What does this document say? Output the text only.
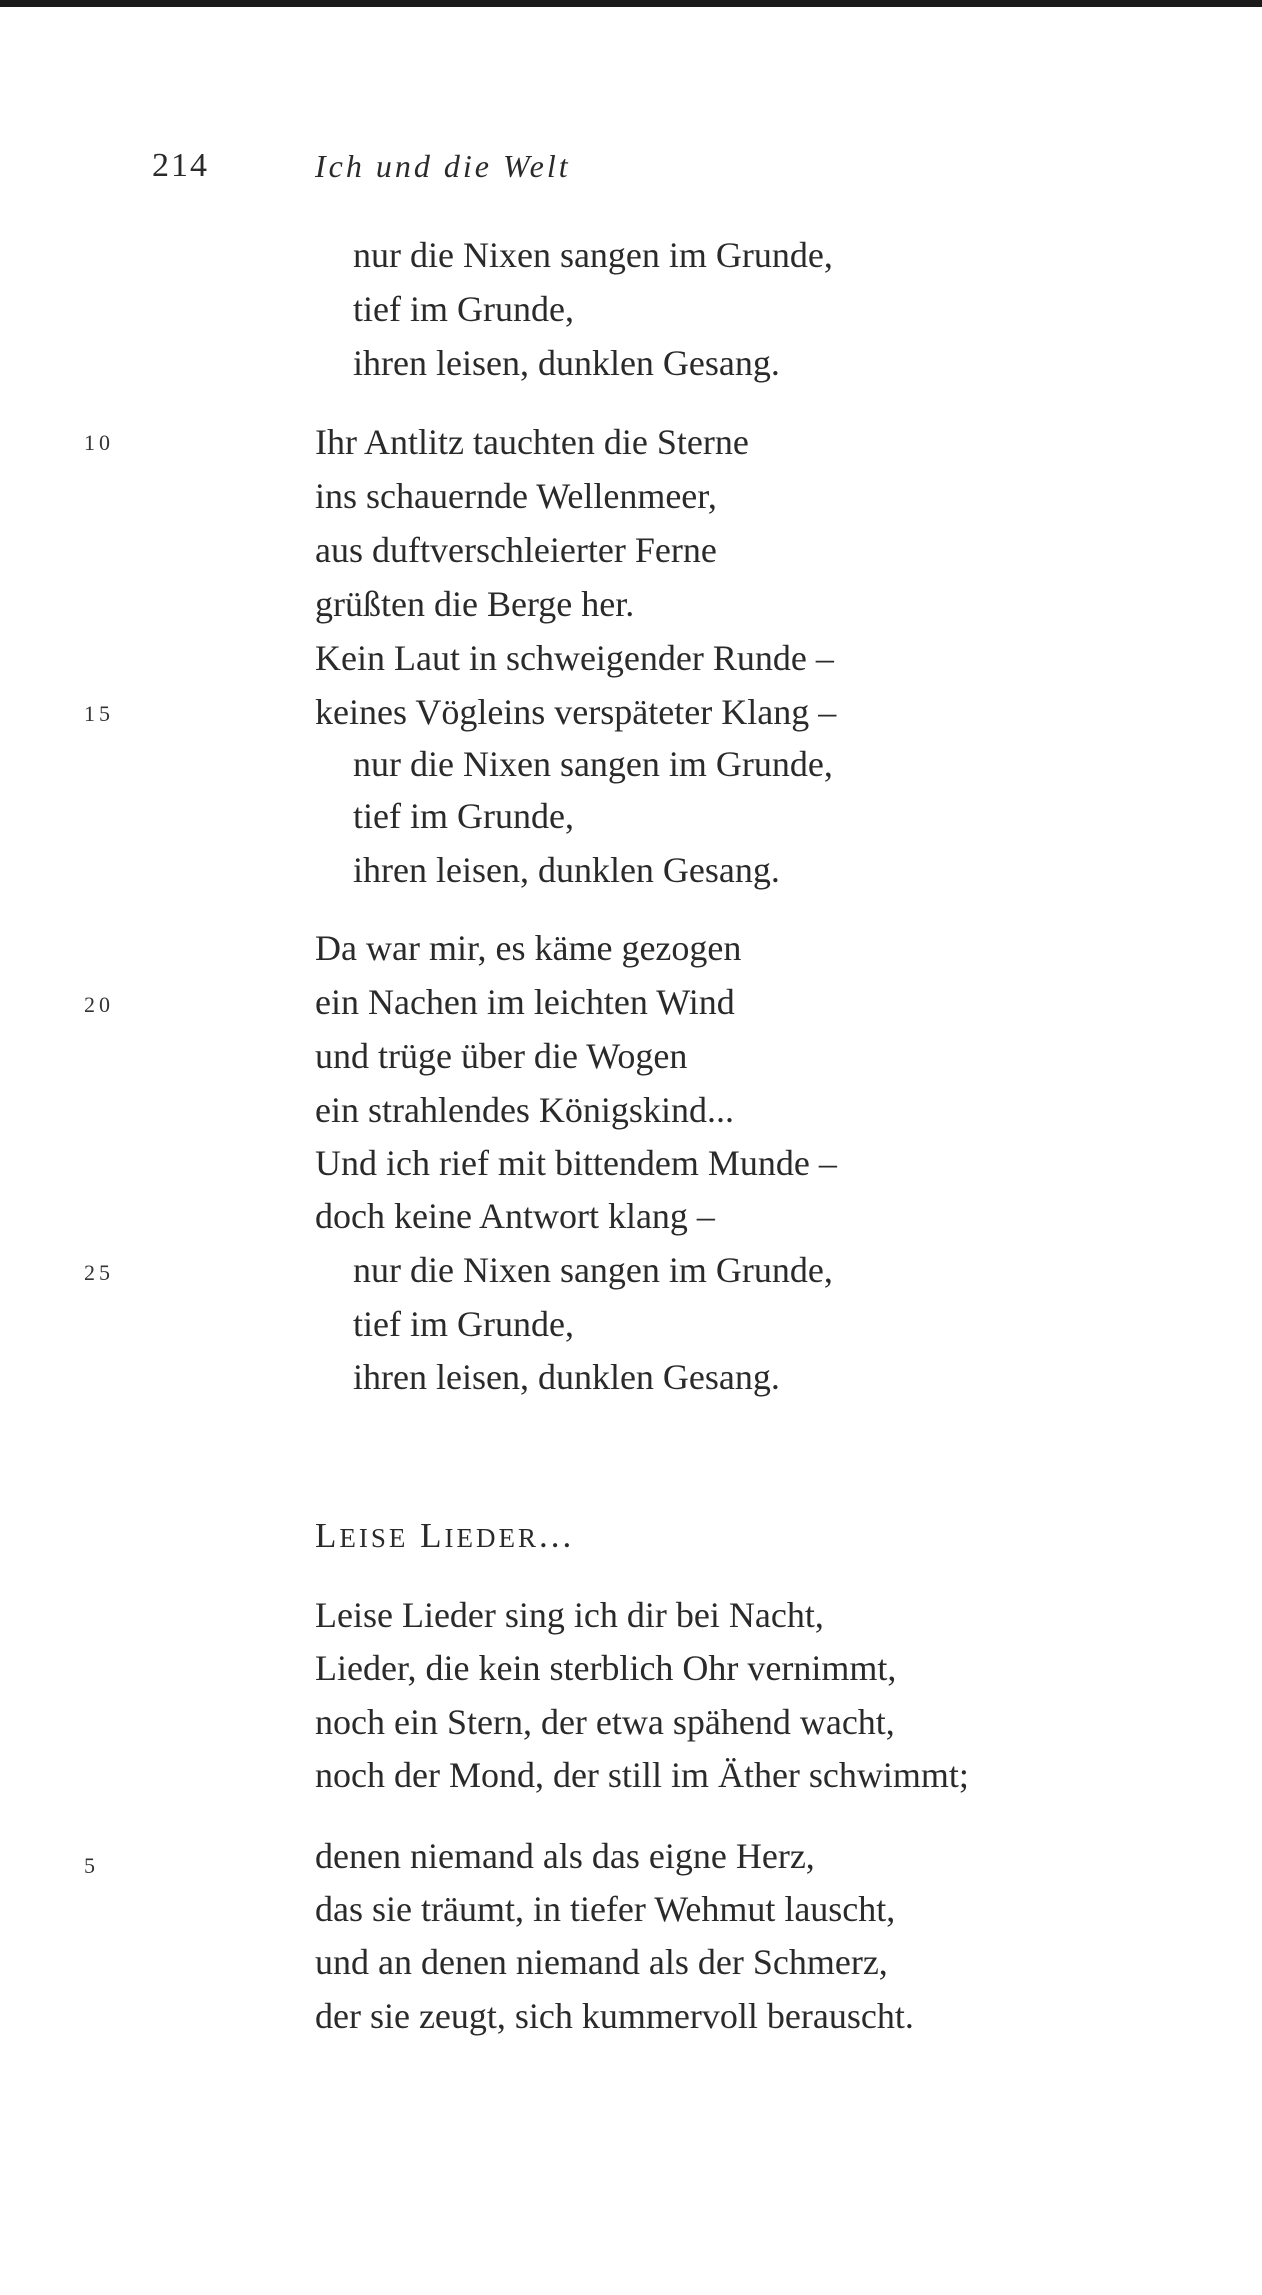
214	Ich und die Welt
nur die Nixen sangen im Grunde,
tief im Grunde,
ihren leisen, dunklen Gesang.
10	Ihr Antlitz tauchten die Sterne
ins schauernde Wellenmeer,
aus duftverschleierter Ferne
grüßten die Berge her.
Kein Laut in schweigender Runde –
15	keines Vögleins verspäteter Klang –
nur die Nixen sangen im Grunde,
tief im Grunde,
ihren leisen, dunklen Gesang.
Da war mir, es käme gezogen
20	ein Nachen im leichten Wind
und trüge über die Wogen
ein strahlendes Königskind...
Und ich rief mit bittendem Munde –
doch keine Antwort klang –
25	nur die Nixen sangen im Grunde,
tief im Grunde,
ihren leisen, dunklen Gesang.
LEISE LIEDER...
Leise Lieder sing ich dir bei Nacht,
Lieder, die kein sterblich Ohr vernimmt,
noch ein Stern, der etwa spähend wacht,
noch der Mond, der still im Äther schwimmt;
5	denen niemand als das eigne Herz,
das sie träumt, in tiefer Wehmut lauscht,
und an denen niemand als der Schmerz,
der sie zeugt, sich kummervoll berauscht.
